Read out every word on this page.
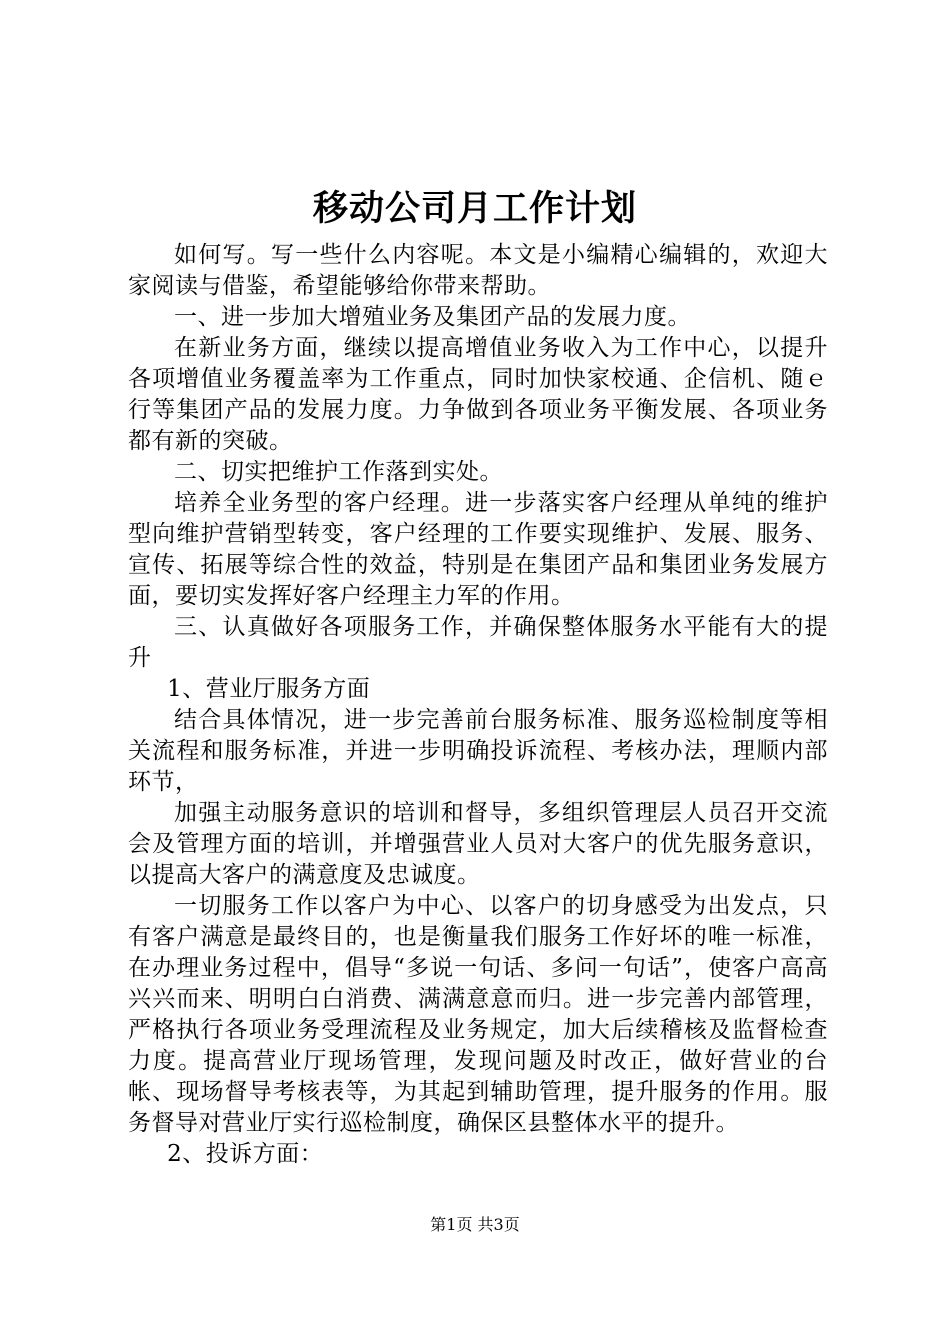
移动公司月工作计划

如何写。写一些什么内容呢。本文是小编精心编辑的，欢迎大家阅读与借鉴，希望能够给你带来帮助。

一、进一步加大增殖业务及集团产品的发展力度。

在新业务方面，继续以提高增值业务收入为工作中心，以提升各项增值业务覆盖率为工作重点，同时加快家校通、企信机、随ｅ行等集团产品的发展力度。力争做到各项业务平衡发展、各项业务都有新的突破。

二、切实把维护工作落到实处。

培养全业务型的客户经理。进一步落实客户经理从单纯的维护型向维护营销型转变，客户经理的工作要实现维护、发展、服务、宣传、拓展等综合性的效益，特别是在集团产品和集团业务发展方面，要切实发挥好客户经理主力军的作用。

三、认真做好各项服务工作，并确保整体服务水平能有大的提升

1、营业厅服务方面

结合具体情况，进一步完善前台服务标准、服务巡检制度等相关流程和服务标准，并进一步明确投诉流程、考核办法，理顺内部环节，

加强主动服务意识的培训和督导，多组织管理层人员召开交流会及管理方面的培训，并增强营业人员对大客户的优先服务意识，以提高大客户的满意度及忠诚度。

一切服务工作以客户为中心、以客户的切身感受为出发点，只有客户满意是最终目的，也是衡量我们服务工作好坏的唯一标准，在办理业务过程中，倡导“多说一句话、多问一句话”，使客户高高兴兴而来、明明白白消费、满满意意而归。进一步完善内部管理，严格执行各项业务受理流程及业务规定，加大后续稽核及监督检查力度。提高营业厅现场管理，发现问题及时改正，做好营业的台帐、现场督导考核表等，为其起到辅助管理，提升服务的作用。服务督导对营业厅实行巡检制度，确保区县整体水平的提升。

2、投诉方面：

第1页 共3页
